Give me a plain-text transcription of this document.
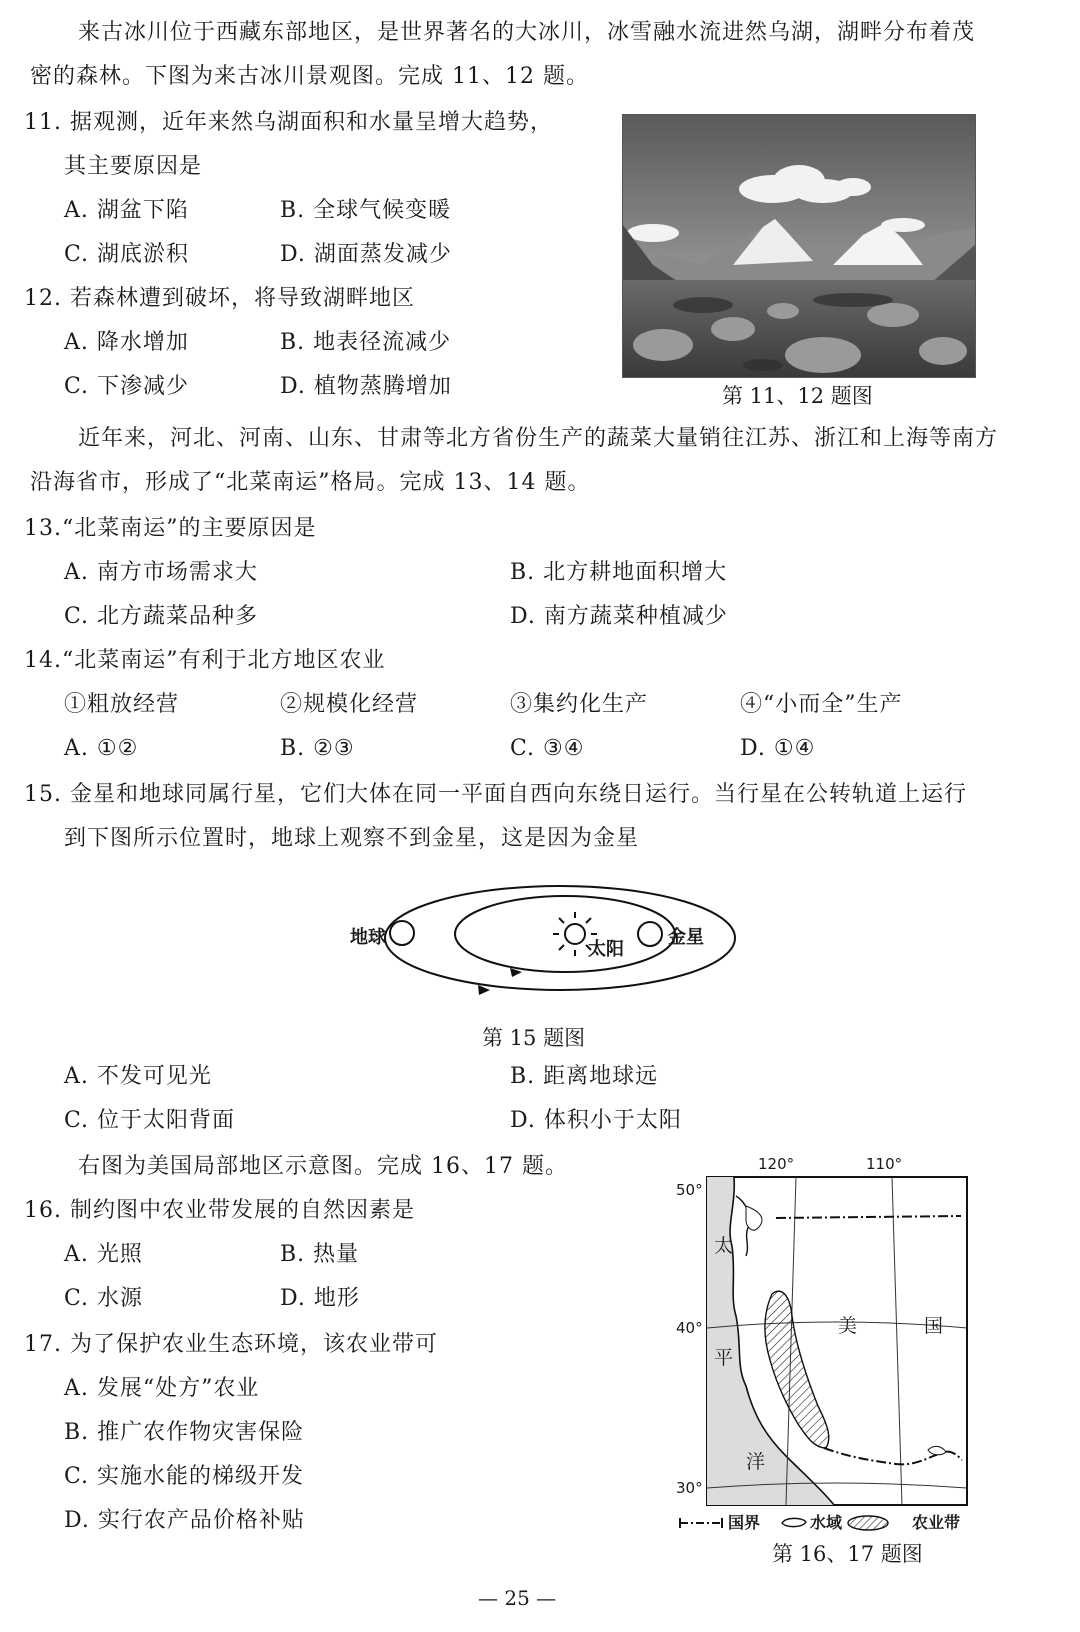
来古冰川位于西藏东部地区，是世界著名的大冰川，冰雪融水流进然乌湖，湖畔分布着茂
密的森林。下图为来古冰川景观图。完成 11、12 题。
11. 据观测，近年来然乌湖面积和水量呈增大趋势，
其主要原因是
A. 湖盆下陷	B. 全球气候变暖
C. 湖底淤积	D. 湖面蒸发减少
12. 若森林遭到破坏，将导致湖畔地区
A. 降水增加	B. 地表径流减少
C. 下渗减少	D. 植物蒸腾增加	第 11、12 题图
近年来，河北、河南、山东、甘肃等北方省份生产的蔬菜大量销往江苏、浙江和上海等南方
沿海省市，形成了“北菜南运”格局。完成 13、14 题。
13.“北菜南运”的主要原因是
A. 南方市场需求大	B. 北方耕地面积增大
C. 北方蔬菜品种多	D. 南方蔬菜种植减少
14.“北菜南运”有利于北方地区农业
①粗放经营	②规模化经营	③集约化生产	④“小而全”生产
A. ①②	B. ②③	C. ③④	D. ①④
15. 金星和地球同属行星，它们大体在同一平面自西向东绕日运行。当行星在公转轨道上运行
到下图所示位置时，地球上观察不到金星，这是因为金星
地球
太阳
金星
第 15 题图
A. 不发可见光	B. 距离地球远
C. 位于太阳背面	D. 体积小于太阳
右图为美国局部地区示意图。完成 16、17 题。
16. 制约图中农业带发展的自然因素是
A. 光照	B. 热量
C. 水源	D. 地形
17. 为了保护农业生态环境，该农业带可
A. 发展“处方”农业
B. 推广农作物灾害保险
C. 实施水能的梯级开发
D. 实行农产品价格补贴
120°	110°
50°
40°
30°
太
平
洋
美	国
国界	水域	农业带
第 16、17 题图
— 25 —
